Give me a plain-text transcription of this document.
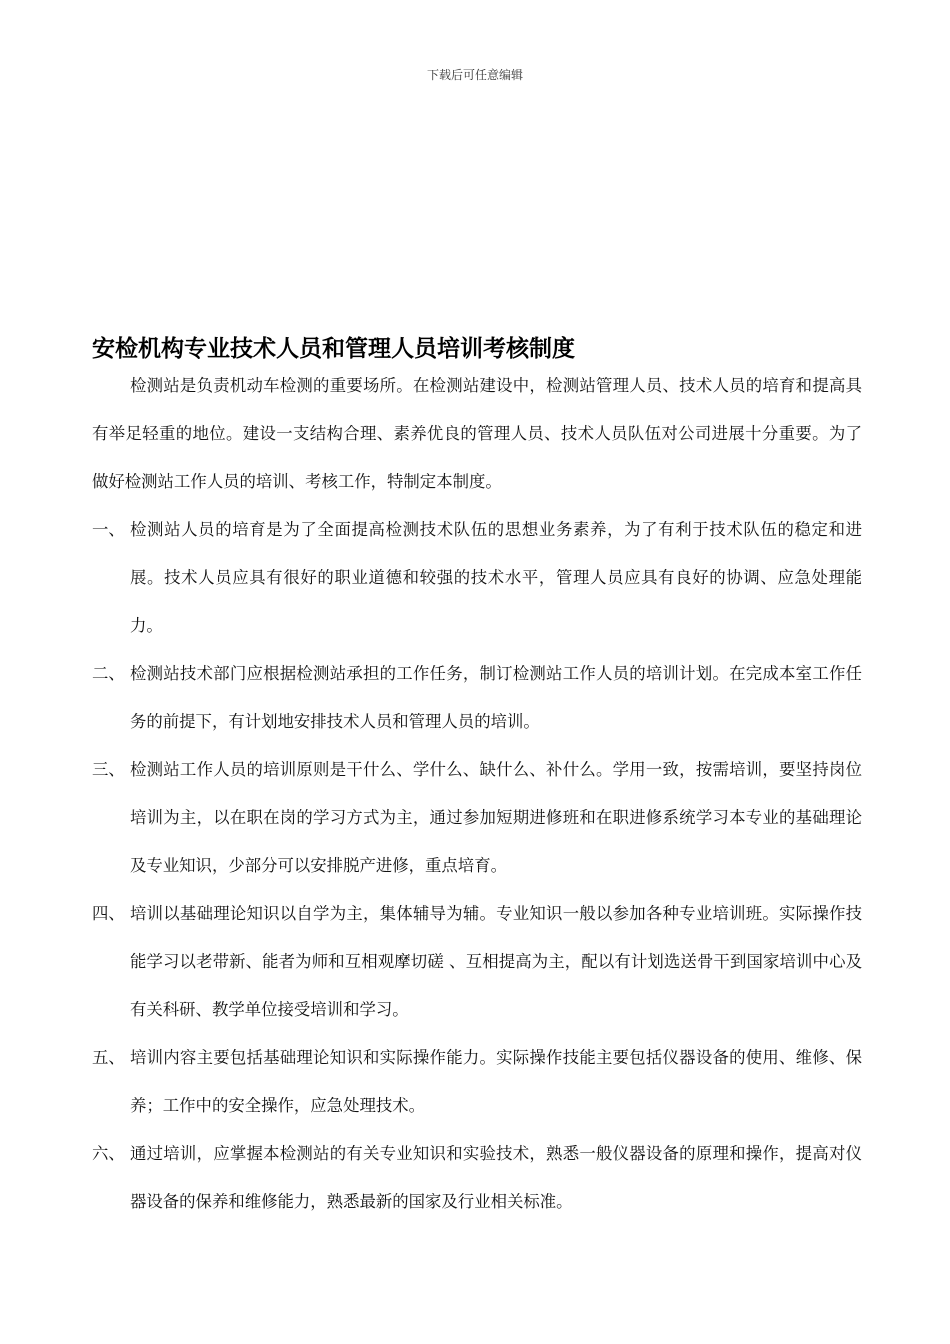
下载后可任意编辑
安检机构专业技术人员和管理人员培训考核制度

检测站是负责机动车检测的重要场所。在检测站建设中，检测站管理人员、技术人员的培育和提高具有举足轻重的地位。建设一支结构合理、素养优良的管理人员、技术人员队伍对公司进展十分重要。为了做好检测站工作人员的培训、考核工作，特制定本制度。

一、 检测站人员的培育是为了全面提高检测技术队伍的思想业务素养，为了有利于技术队伍的稳定和进展。技术人员应具有很好的职业道德和较强的技术水平，管理人员应具有良好的协调、应急处理能力。

二、 检测站技术部门应根据检测站承担的工作任务，制订检测站工作人员的培训计划。在完成本室工作任务的前提下，有计划地安排技术人员和管理人员的培训。

三、 检测站工作人员的培训原则是干什么、学什么、缺什么、补什么。学用一致，按需培训，要坚持岗位培训为主，以在职在岗的学习方式为主，通过参加短期进修班和在职进修系统学习本专业的基础理论及专业知识，少部分可以安排脱产进修，重点培育。

四、 培训以基础理论知识以自学为主，集体辅导为辅。专业知识一般以参加各种专业培训班。实际操作技能学习以老带新、能者为师和互相观摩切磋 、互相提高为主，配以有计划选送骨干到国家培训中心及有关科研、教学单位接受培训和学习。

五、 培训内容主要包括基础理论知识和实际操作能力。实际操作技能主要包括仪器设备的使用、维修、保养；工作中的安全操作，应急处理技术。

六、 通过培训，应掌握本检测站的有关专业知识和实验技术，熟悉一般仪器设备的原理和操作，提高对仪器设备的保养和维修能力，熟悉最新的国家及行业相关标准。
